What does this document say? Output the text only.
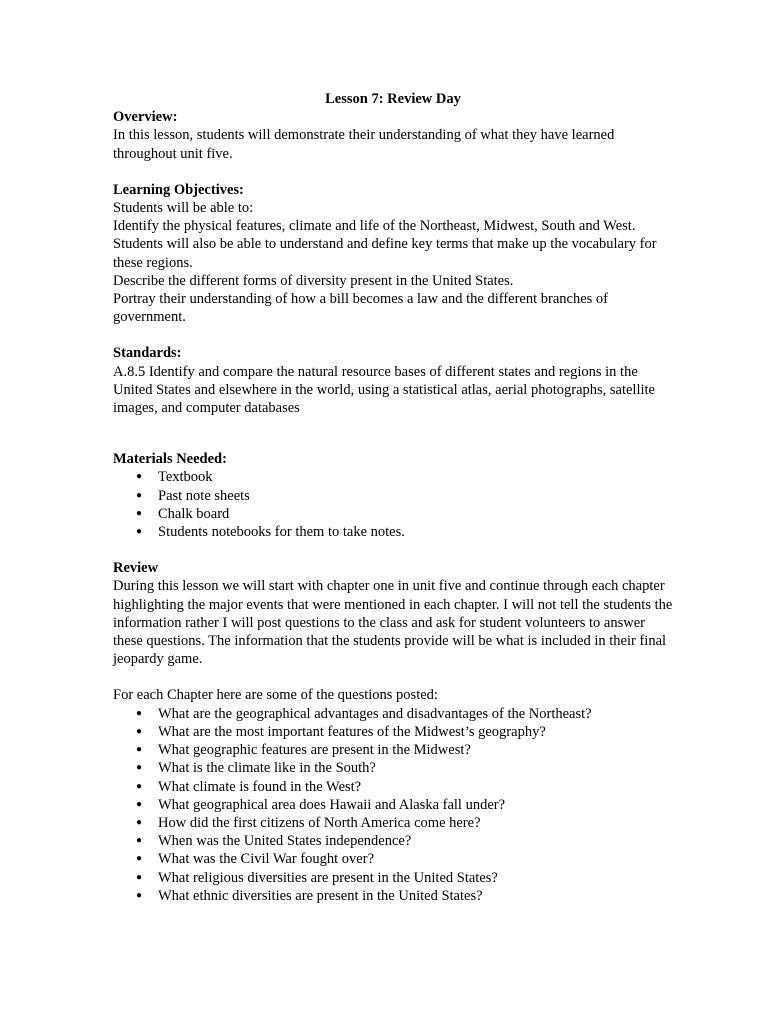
Lesson 7: Review Day

Overview:

In this lesson, students will demonstrate their understanding of what they have learned throughout unit five.

Learning Objectives:

Students will be able to:

Identify the physical features, climate and life of the Northeast, Midwest, South and West. Students will also be able to understand and define key terms that make up the vocabulary for these regions.

Describe the different forms of diversity present in the United States.

Portray their understanding of how a bill becomes a law and the different branches of government.

Standards:

A.8.5 Identify and compare the natural resource bases of different states and regions in the United States and elsewhere in the world, using a statistical atlas, aerial photographs, satellite images, and computer databases

Materials Needed:

● Textbook
● Past note sheets
● Chalk board
● Students notebooks for them to take notes.

Review

During this lesson we will start with chapter one in unit five and continue through each chapter highlighting the major events that were mentioned in each chapter. I will not tell the students the information rather I will post questions to the class and ask for student volunteers to answer these questions. The information that the students provide will be what is included in their final jeopardy game.

For each Chapter here are some of the questions posted:

● What are the geographical advantages and disadvantages of the Northeast?
● What are the most important features of the Midwest’s geography?
● What geographic features are present in the Midwest?
● What is the climate like in the South?
● What climate is found in the West?
● What geographical area does Hawaii and Alaska fall under?
● How did the first citizens of North America come here?
● When was the United States independence?
● What was the Civil War fought over?
● What religious diversities are present in the United States?
● What ethnic diversities are present in the United States?
